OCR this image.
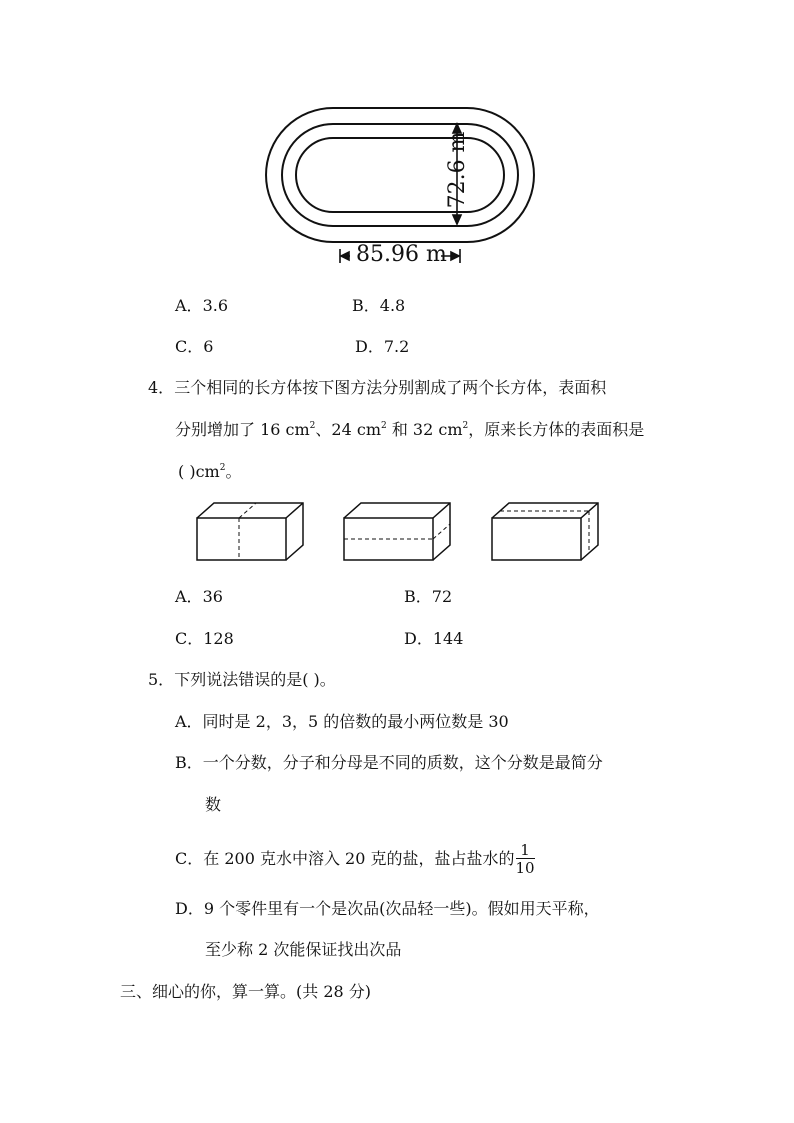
72.6 m
85.96 m
A．3.6	B．4.8
C．6	D．7.2
4．三个相同的长方体按下图方法分别割成了两个长方体，表面积
分别增加了 16 $cm^2$、24 $cm^2$ 和 32 $cm^2$，原来长方体的表面积是
( )$cm^2$。
A．36	B．72
C．128	D．144
5．下列说法错误的是( )。
A．同时是 2，3，5 的倍数的最小两位数是 30
B．一个分数，分子和分母是不同的质数，这个分数是最简分
数
C．在 200 克水中溶入 20 克的盐，盐占盐水的 $\frac{1}{10}$
D．9 个零件里有一个是次品(次品轻一些)。假如用天平称，
至少称 2 次能保证找出次品
三、细心的你，算一算。(共 28 分)
